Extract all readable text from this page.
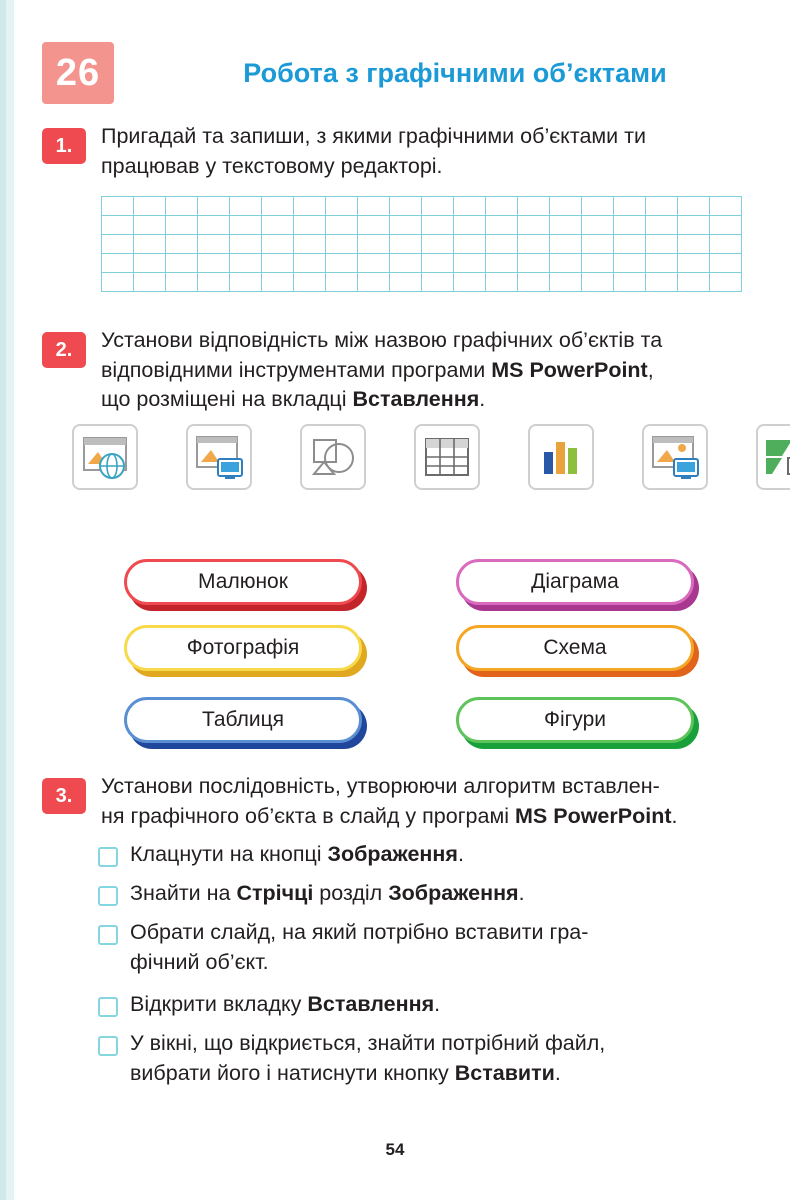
26	Робота з графічними об’єктами
1.	Пригадай та запиши, з якими графічними об’єктами ти
працював у текстовому редакторі.
2.	Установи відповідність між назвою графічних об’єктів та
відповідними інструментами програми MS PowerPoint,
що розміщені на вкладці Вставлення.
Малюнок	Діаграма
Фотографія	Схема
Таблиця	Фігури
3.	Установи послідовність, утворюючи алгоритм вставлен-
ня графічного об’єкта в слайд у програмі MS PowerPoint.
Клацнути на кнопці Зображення.
Знайти на Стрічці розділ Зображення.
Обрати слайд, на який потрібно вставити гра-
фічний об’єкт.
Відкрити вкладку Вставлення.
У вікні, що відкриється, знайти потрібний файл,
вибрати його і натиснути кнопку Вставити.
54
